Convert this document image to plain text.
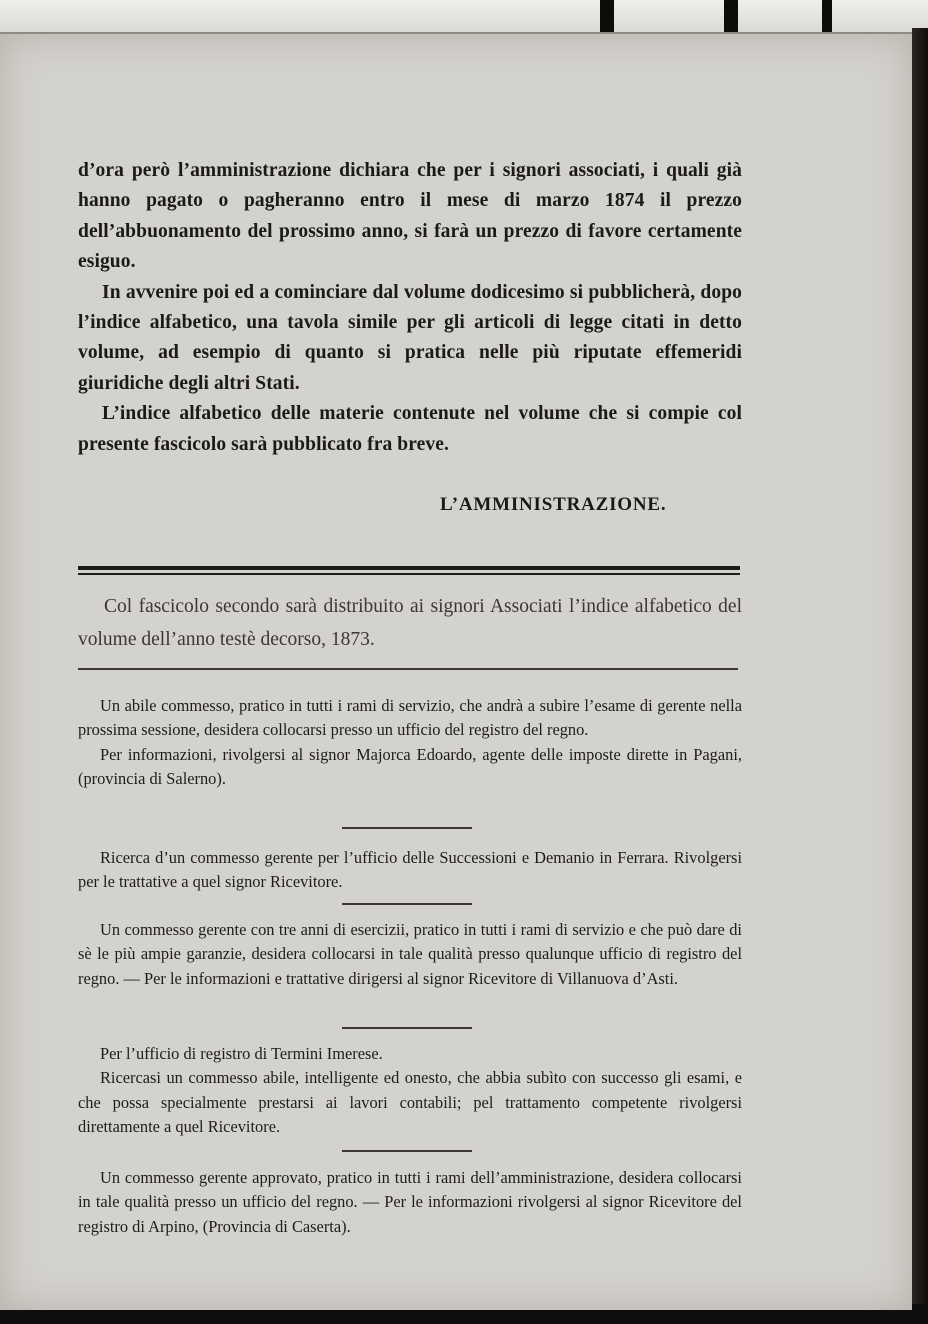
d’ora però l’amministrazione dichiara che per i signori associati, i quali già hanno pagato o pagheranno entro il mese di marzo 1874 il prezzo dell’abbuonamento del prossimo anno, si farà un prezzo di favore certamente esiguo.

In avvenire poi ed a cominciare dal volume dodicesimo si pubblicherà, dopo l’indice alfabetico, una tavola simile per gli articoli di legge citati in detto volume, ad esempio di quanto si pratica nelle più riputate effemeridi giuridiche degli altri Stati.

L’indice alfabetico delle materie contenute nel volume che si compie col presente fascicolo sarà pubblicato fra breve.

L’AMMINISTRAZIONE.

Col fascicolo secondo sarà distribuito ai signori Associati l’indice alfabetico del volume dell’anno testè decorso, 1873.

Un abile commesso, pratico in tutti i rami di servizio, che andrà a subire l’esame di gerente nella prossima sessione, desidera collocarsi presso un ufficio del registro del regno.

Per informazioni, rivolgersi al signor Majorca Edoardo, agente delle imposte dirette in Pagani, (provincia di Salerno).

Ricerca d’un commesso gerente per l’ufficio delle Successioni e Demanio in Ferrara. Rivolgersi per le trattative a quel signor Ricevitore.

Un commesso gerente con tre anni di esercizii, pratico in tutti i rami di servizio e che può dare di sè le più ampie garanzie, desidera collocarsi in tale qualità presso qualunque ufficio di registro del regno. — Per le informazioni e trattative dirigersi al signor Ricevitore di Villanuova d’Asti.

Per l’ufficio di registro di Termini Imerese.

Ricercasi un commesso abile, intelligente ed onesto, che abbia subìto con successo gli esami, e che possa specialmente prestarsi ai lavori contabili; pel trattamento competente rivolgersi direttamente a quel Ricevitore.

Un commesso gerente approvato, pratico in tutti i rami dell’amministrazione, desidera collocarsi in tale qualità presso un ufficio del regno. — Per le informazioni rivolgersi al signor Ricevitore del registro di Arpino, (Provincia di Caserta).
